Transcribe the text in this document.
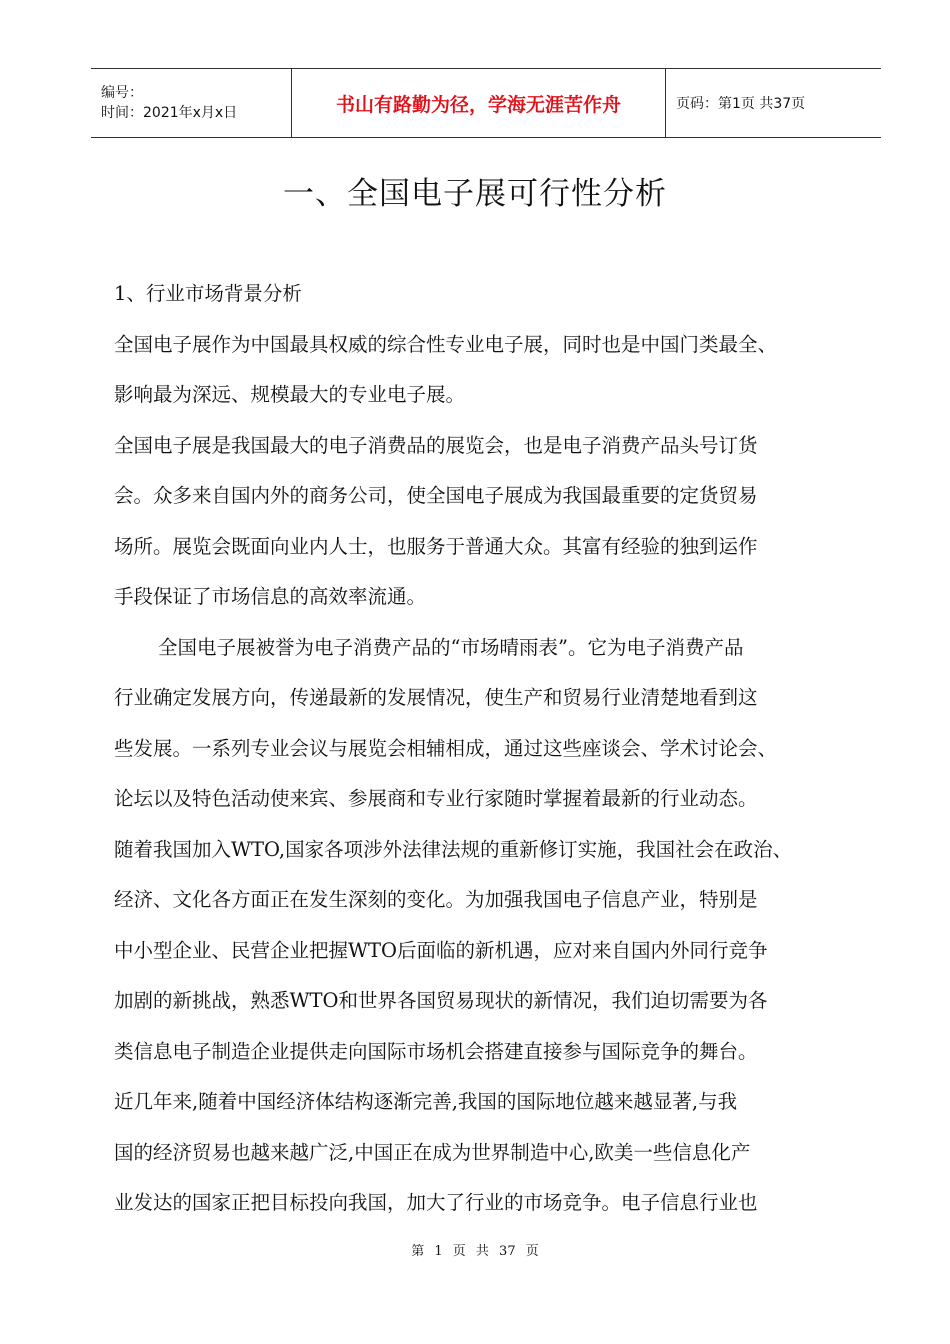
编号：
时间：2021年x月x日	书山有路勤为径，学海无涯苦作舟	页码：第1页 共37页
一、全国电子展可行性分析
1、行业市场背景分析
全国电子展作为中国最具权威的综合性专业电子展，同时也是中国门类最全、
影响最为深远、规模最大的专业电子展。
全国电子展是我国最大的电子消费品的展览会，也是电子消费产品头号订货
会。众多来自国内外的商务公司，使全国电子展成为我国最重要的定货贸易
场所。展览会既面向业内人士，也服务于普通大众。其富有经验的独到运作
手段保证了市场信息的高效率流通。
全国电子展被誉为电子消费产品的“市场晴雨表”。它为电子消费产品
行业确定发展方向，传递最新的发展情况，使生产和贸易行业清楚地看到这
些发展。一系列专业会议与展览会相辅相成，通过这些座谈会、学术讨论会、
论坛以及特色活动使来宾、参展商和专业行家随时掌握着最新的行业动态。
随着我国加入WTO,国家各项涉外法律法规的重新修订实施，我国社会在政治、
经济、文化各方面正在发生深刻的变化。为加强我国电子信息产业，特别是
中小型企业、民营企业把握WTO后面临的新机遇，应对来自国内外同行竞争
加剧的新挑战，熟悉WTO和世界各国贸易现状的新情况，我们迫切需要为各
类信息电子制造企业提供走向国际市场机会搭建直接参与国际竞争的舞台。
近几年来,随着中国经济体结构逐渐完善,我国的国际地位越来越显著,与我
国的经济贸易也越来越广泛,中国正在成为世界制造中心,欧美一些信息化产
业发达的国家正把目标投向我国，加大了行业的市场竞争。电子信息行业也
第 1 页 共 37 页
